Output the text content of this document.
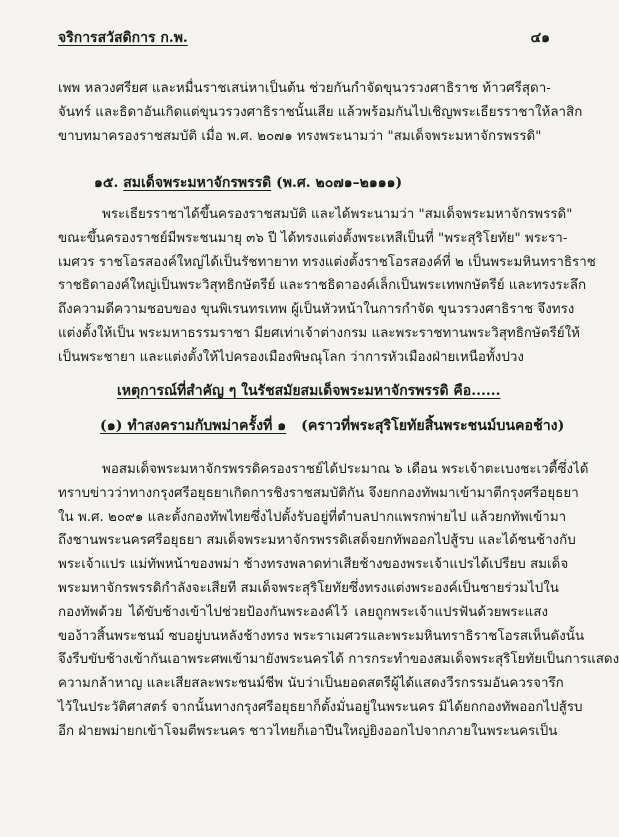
จริการสวัสดิการ ก.พ.	๔๑
เพพ หลวงศรียศ และหมื่นราชเสน่หาเป็นต้น ช่วยกันกำจัดขุนวรวงศาธิราช ท้าวศรีสุดา-
จันทร์ และธิดาอันเกิดแต่ขุนวรวงศาธิราชนั้นเสีย แล้วพร้อมกันไปเชิญพระเธียรราชาให้ลาสิก
ขาบทมาครองราชสมบัติ เมื่อ พ.ศ. ๒๐๗๑ ทรงพระนามว่า "สมเด็จพระมหาจักรพรรดิ"
๑๕. สมเด็จพระมหาจักรพรรดิ (พ.ศ. ๒๐๗๑–๒๑๑๑)
พระเธียรราชาได้ขึ้นครองราชสมบัติ และได้พระนามว่า "สมเด็จพระมหาจักรพรรดิ"
ขณะขึ้นครองราชย์มีพระชนมายุ ๓๖ ปี ได้ทรงแต่งตั้งพระเหสีเป็นที่ "พระสุริโยทัย" พระรา-
เมศวร ราชโอรสองค์ใหญ่ได้เป็นรัชทายาท ทรงแต่งตั้งราชโอรสองค์ที่ ๒ เป็นพระมหินทราธิราช
ราชธิดาองค์ใหญ่เป็นพระวิสุทธิกษัตรีย์ และราชธิดาองค์เล็กเป็นพระเทพกษัตรีย์ และทรงระลึก
ถึงความดีความชอบของ ขุนพิเรนทรเทพ ผู้เป็นหัวหน้าในการกำจัด ขุนวรวงศาธิราช จึงทรง
แต่งตั้งให้เป็น พระมหาธรรมราชา มียศเท่าเจ้าต่างกรม และพระราชทานพระวิสุทธิกษัตรีย์ให้
เป็นพระชายา และแต่งตั้งให้ไปครองเมืองพิษณุโลก ว่าการหัวเมืองฝ่ายเหนือทั้งปวง
เหตุการณ์ที่สำคัญ ๆ ในรัชสมัยสมเด็จพระมหาจักรพรรดิ คือ......
(๑) ทำสงครามกับพม่าครั้งที่ ๑ (คราวที่พระสุริโยทัยสิ้นพระชนม์บนคอช้าง)
พอสมเด็จพระมหาจักรพรรดิครองราชย์ได้ประมาณ ๖ เดือน พระเจ้าตะเบงชะเวตี้ซึ่งได้
ทราบข่าวว่าทางกรุงศรีอยุธยาเกิดการชิงราชสมบัติกัน จึงยกกองทัพมาเข้ามาตีกรุงศรีอยุธยา
ใน พ.ศ. ๒๐๙๑ และตั้งกองทัพไทยซึ่งไปตั้งรับอยู่ที่ตำบลปากแพรกพ่ายไป แล้วยกทัพเข้ามา
ถึงชานพระนครศรีอยุธยา สมเด็จพระมหาจักรพรรดิเสด็จยกทัพออกไปสู้รบ และได้ชนช้างกับ
พระเจ้าแปร แม่ทัพหน้าของพม่า ช้างทรงพลาดท่าเสียช้างของพระเจ้าแปรได้เปรียบ สมเด็จ
พระมหาจักรพรรดิกำลังจะเสียที สมเด็จพระสุริโยทัยซึ่งทรงแต่งพระองค์เป็นชายร่วมไปใน
กองทัพด้วย ได้ขับช้างเข้าไปช่วยป้องกันพระองค์ไว้ เลยถูกพระเจ้าแปรฟันด้วยพระแสง
ของ้าวสิ้นพระชนม์ ซบอยู่บนหลังช้างทรง พระราเมศวรและพระมหินทราธิราชโอรสเห็นดังนั้น
จึงรีบขับช้างเข้ากันเอาพระศพเข้ามายังพระนครได้ การกระทำของสมเด็จพระสุริโยทัยเป็นการแสดง
ความกล้าหาญ และเสียสละพระชนม์ชีพ นับว่าเป็นยอดสตรีผู้ได้แสดงวีรกรรมอันควรจารึก
ไว้ในประวัติศาสตร์ จากนั้นทางกรุงศรีอยุธยาก็ตั้งมั่นอยู่ในพระนคร มิได้ยกกองทัพออกไปสู้รบ
อีก ฝ่ายพม่ายกเข้าโจมตีพระนคร ชาวไทยก็เอาปืนใหญ่ยิงออกไปจากภายในพระนครเป็น
